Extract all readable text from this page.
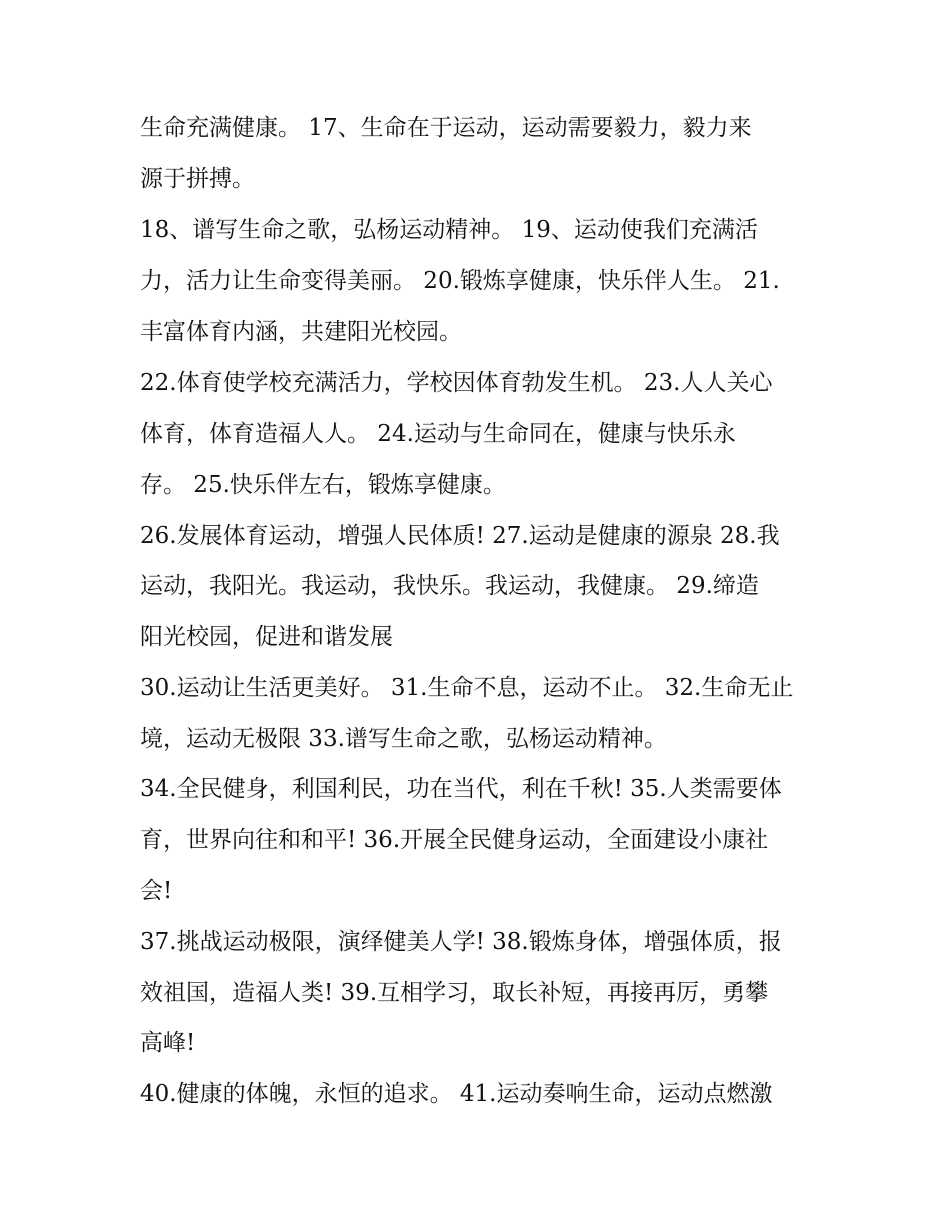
生命充满健康。 17、生命在于运动，运动需要毅力，毅力来
源于拼搏。
18、谱写生命之歌，弘杨运动精神。 19、运动使我们充满活
力，活力让生命变得美丽。 20.锻炼享健康，快乐伴人生。 21.
丰富体育内涵，共建阳光校园。
22.体育使学校充满活力，学校因体育勃发生机。 23.人人关心
体育，体育造福人人。 24.运动与生命同在，健康与快乐永
存。 25.快乐伴左右，锻炼享健康。
26.发展体育运动，增强人民体质! 27.运动是健康的源泉 28.我
运动，我阳光。我运动，我快乐。我运动，我健康。 29.缔造
阳光校园，促进和谐发展
30.运动让生活更美好。 31.生命不息，运动不止。 32.生命无止
境，运动无极限 33.谱写生命之歌，弘杨运动精神。
34.全民健身，利国利民，功在当代，利在千秋! 35.人类需要体
育，世界向往和和平! 36.开展全民健身运动，全面建设小康社
会!
37.挑战运动极限，演绎健美人学! 38.锻炼身体，增强体质，报
效祖国，造福人类! 39.互相学习，取长补短，再接再厉，勇攀
高峰!
40.健康的体魄，永恒的追求。 41.运动奏响生命，运动点燃激
